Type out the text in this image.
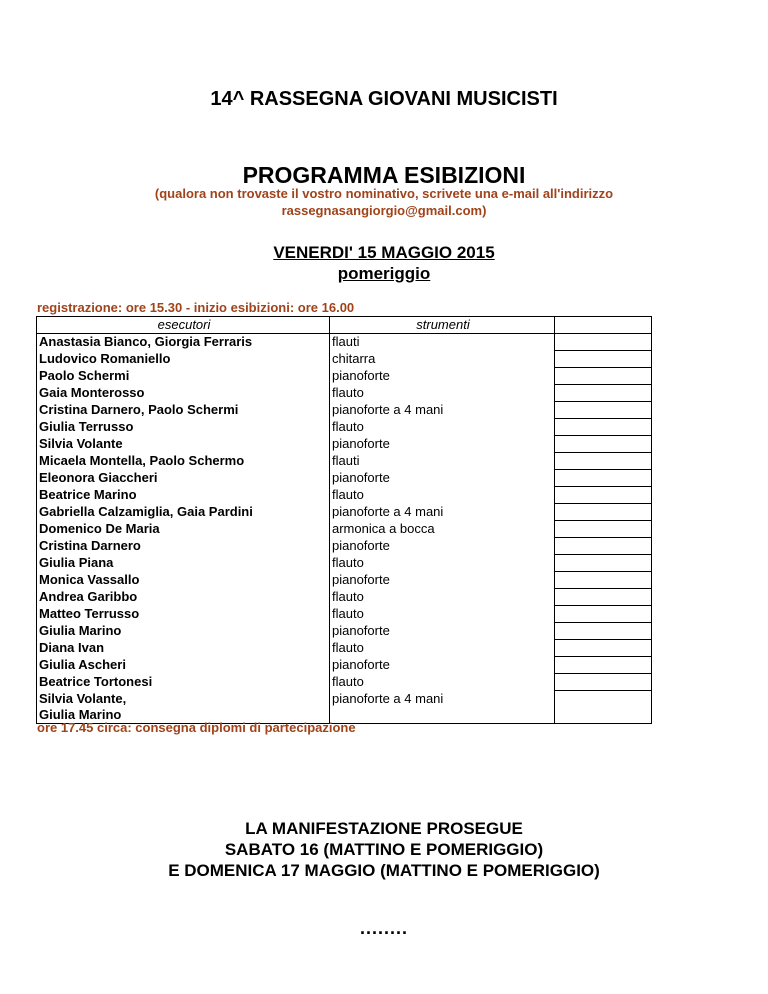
14^ RASSEGNA GIOVANI MUSICISTI
PROGRAMMA ESIBIZIONI
(qualora non trovaste il vostro nominativo, scrivete una e-mail all'indirizzo
rassegnasangiorgio@gmail.com)
VENERDI' 15 MAGGIO 2015
pomeriggio
registrazione: ore 15.30 - inizio esibizioni: ore 16.00
esecutori	strumenti	
Anastasia Bianco, Giorgia Ferraris	flauti	
Ludovico Romaniello	chitarra	
Paolo Schermi	pianoforte	
Gaia Monterosso	flauto	
Cristina Darnero, Paolo Schermi	pianoforte a 4 mani	
Giulia Terrusso	flauto	
Silvia Volante	pianoforte	
Micaela Montella, Paolo Schermo	flauti	
Eleonora Giaccheri	pianoforte	
Beatrice Marino	flauto	
Gabriella Calzamiglia, Gaia Pardini	pianoforte a 4 mani	
Domenico De Maria	armonica a bocca	
Cristina Darnero	pianoforte	
Giulia Piana	flauto	
Monica Vassallo	pianoforte	
Andrea Garibbo	flauto	
Matteo Terrusso	flauto	
Giulia Marino	pianoforte	
Diana Ivan	flauto	
Giulia Ascheri	pianoforte	
Beatrice Tortonesi	flauto	
Silvia Volante,	pianoforte a 4 mani	
Giulia Marino		
ore 17.45 circa: consegna diplomi di partecipazione
LA MANIFESTAZIONE PROSEGUE
SABATO 16 (MATTINO E POMERIGGIO)
E DOMENICA 17 MAGGIO (MATTINO E POMERIGGIO)
........
